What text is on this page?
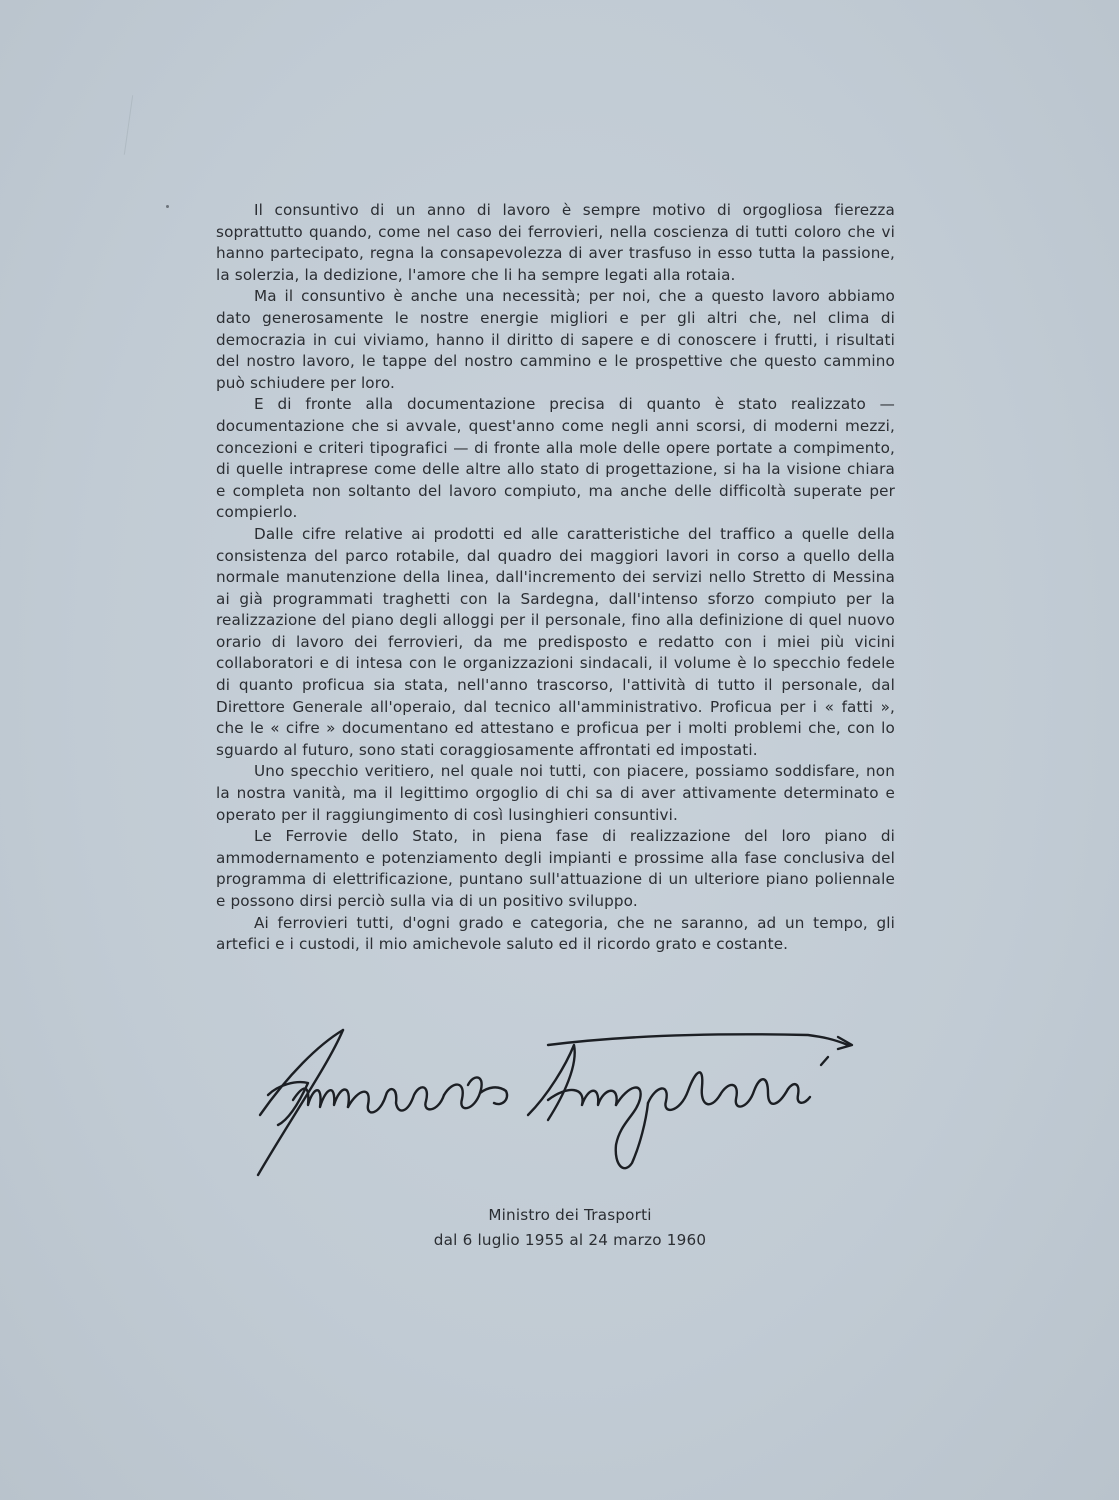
Il consuntivo di un anno di lavoro è sempre motivo di orgogliosa fierezza soprattutto quando, come nel caso dei ferrovieri, nella coscienza di tutti coloro che vi hanno partecipato, regna la consapevolezza di aver trasfuso in esso tutta la passione, la solerzia, la dedizione, l'amore che li ha sempre legati alla rotaia.

Ma il consuntivo è anche una necessità; per noi, che a questo lavoro abbiamo dato generosamente le nostre energie migliori e per gli altri che, nel clima di democrazia in cui viviamo, hanno il diritto di sapere e di conoscere i frutti, i risultati del nostro lavoro, le tappe del nostro cammino e le prospettive che questo cammino può schiudere per loro.

E di fronte alla documentazione precisa di quanto è stato realizzato — documentazione che si avvale, quest'anno come negli anni scorsi, di moderni mezzi, concezioni e criteri tipografici — di fronte alla mole delle opere portate a compimento, di quelle intraprese come delle altre allo stato di progettazione, si ha la visione chiara e completa non soltanto del lavoro compiuto, ma anche delle difficoltà superate per compierlo.

Dalle cifre relative ai prodotti ed alle caratteristiche del traffico a quelle della consistenza del parco rotabile, dal quadro dei maggiori lavori in corso a quello della normale manutenzione della linea, dall'incremento dei servizi nello Stretto di Messina ai già programmati traghetti con la Sardegna, dall'intenso sforzo compiuto per la realizzazione del piano degli alloggi per il personale, fino alla definizione di quel nuovo orario di lavoro dei ferrovieri, da me predisposto e redatto con i miei più vicini collaboratori e di intesa con le organizzazioni sindacali, il volume è lo specchio fedele di quanto proficua sia stata, nell'anno trascorso, l'attività di tutto il personale, dal Direttore Generale all'operaio, dal tecnico all'amministrativo. Proficua per i « fatti », che le « cifre » documentano ed attestano e proficua per i molti problemi che, con lo sguardo al futuro, sono stati coraggiosamente affrontati ed impostati.

Uno specchio veritiero, nel quale noi tutti, con piacere, possiamo soddisfare, non la nostra vanità, ma il legittimo orgoglio di chi sa di aver attivamente determinato e operato per il raggiungimento di così lusinghieri consuntivi.

Le Ferrovie dello Stato, in piena fase di realizzazione del loro piano di ammodernamento e potenziamento degli impianti e prossime alla fase conclusiva del programma di elettrificazione, puntano sull'attuazione di un ulteriore piano poliennale e possono dirsi perciò sulla via di un positivo sviluppo.

Ai ferrovieri tutti, d'ogni grado e categoria, che ne saranno, ad un tempo, gli artefici e i custodi, il mio amichevole saluto ed il ricordo grato e costante.

Ministro dei Trasporti
dal 6 luglio 1955 al 24 marzo 1960
